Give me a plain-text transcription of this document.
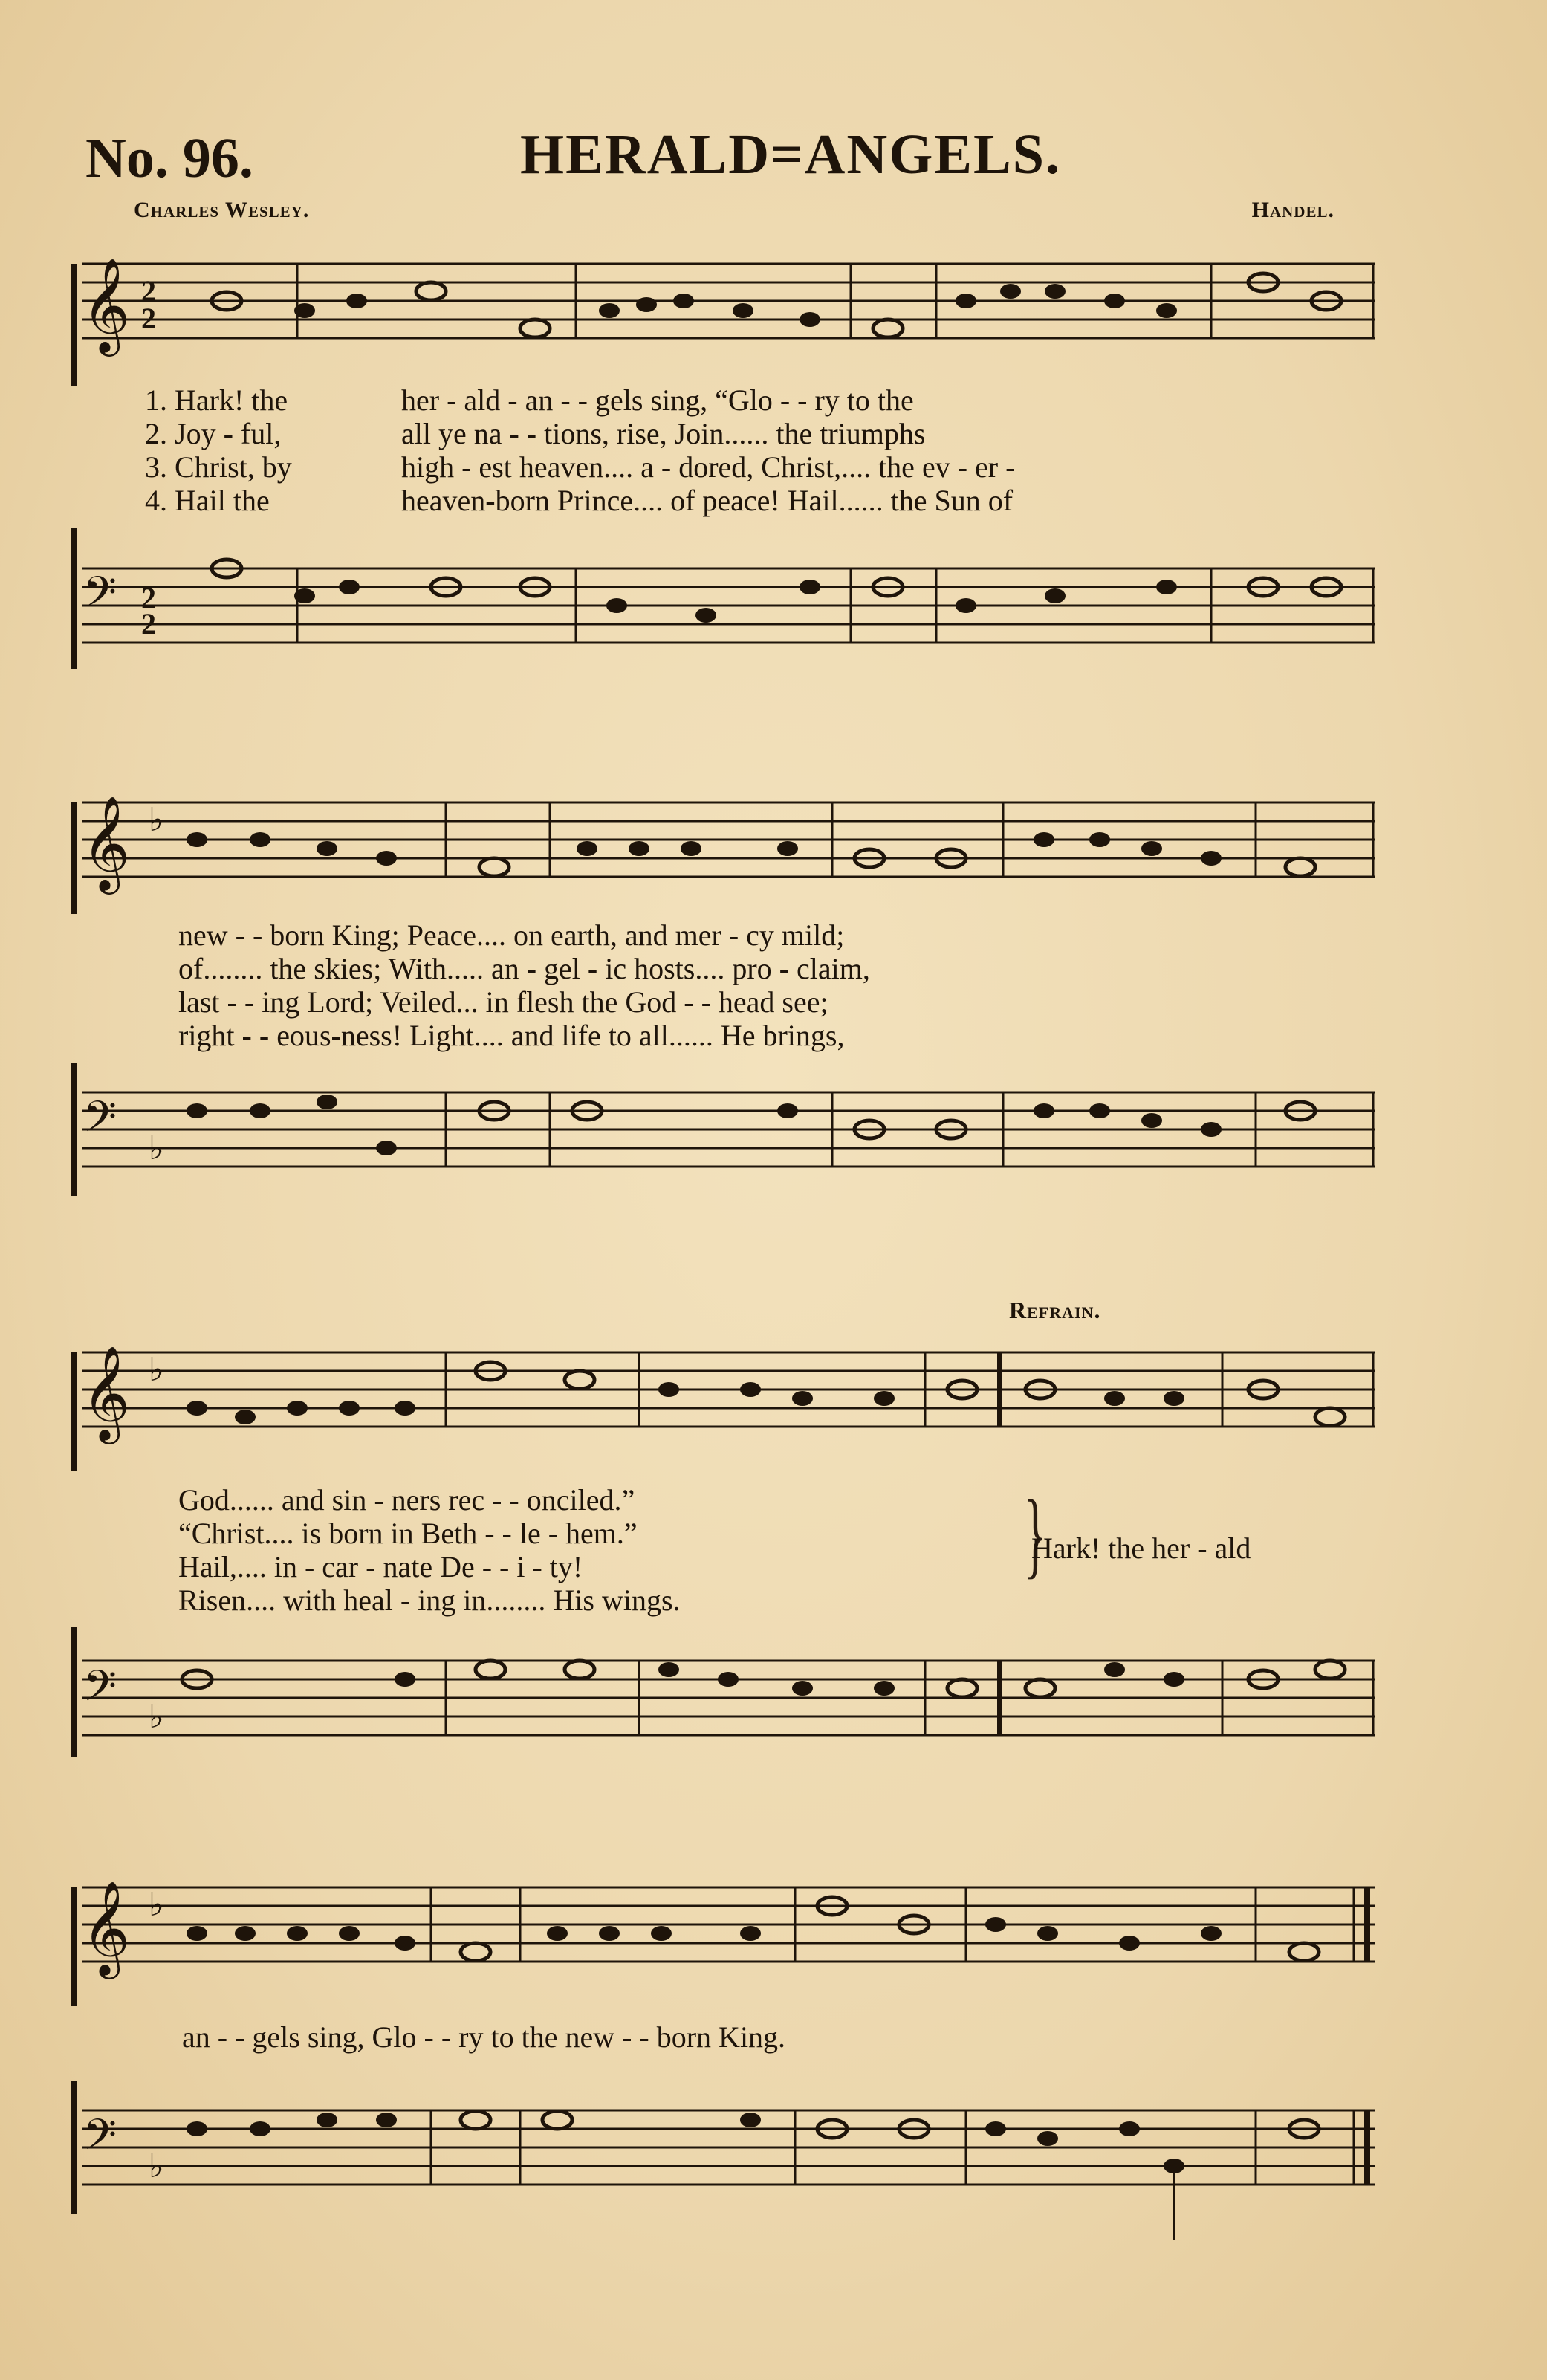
No. 96.	HERALD=ANGELS.
Charles Wesley.	Handel.
𝄞 2
2
1. Hark! the	her - ald - an - - gels sing, “Glo - - ry to the
2. Joy - ful,	all ye na - - tions, rise, Join...... the triumphs
3. Christ, by	high - est heaven.... a - dored, Christ,.... the ev - er -
4. Hail the	heaven-born Prince.... of peace! Hail...... the Sun of
𝄢 2
2
𝄞 ♭
new - - born King; Peace.... on earth, and mer - cy mild;
of........ the skies; With..... an - gel - ic hosts.... pro - claim,
last - - ing Lord; Veiled... in flesh the God - - head see;
right - - eous-ness! Light.... and life to all...... He brings,
𝄢 ♭
Refrain.
𝄞 ♭
God...... and sin - ners rec - - onciled.”
“Christ.... is born in Beth - - le - hem.”
Hail,.... in - car - nate De - - i - ty!
Risen.... with heal - ing in........ His wings.
}
Hark! the her - ald
𝄢 ♭
𝄞 ♭
an - - gels sing, Glo - - ry to the new - - born King.
𝄢 ♭
